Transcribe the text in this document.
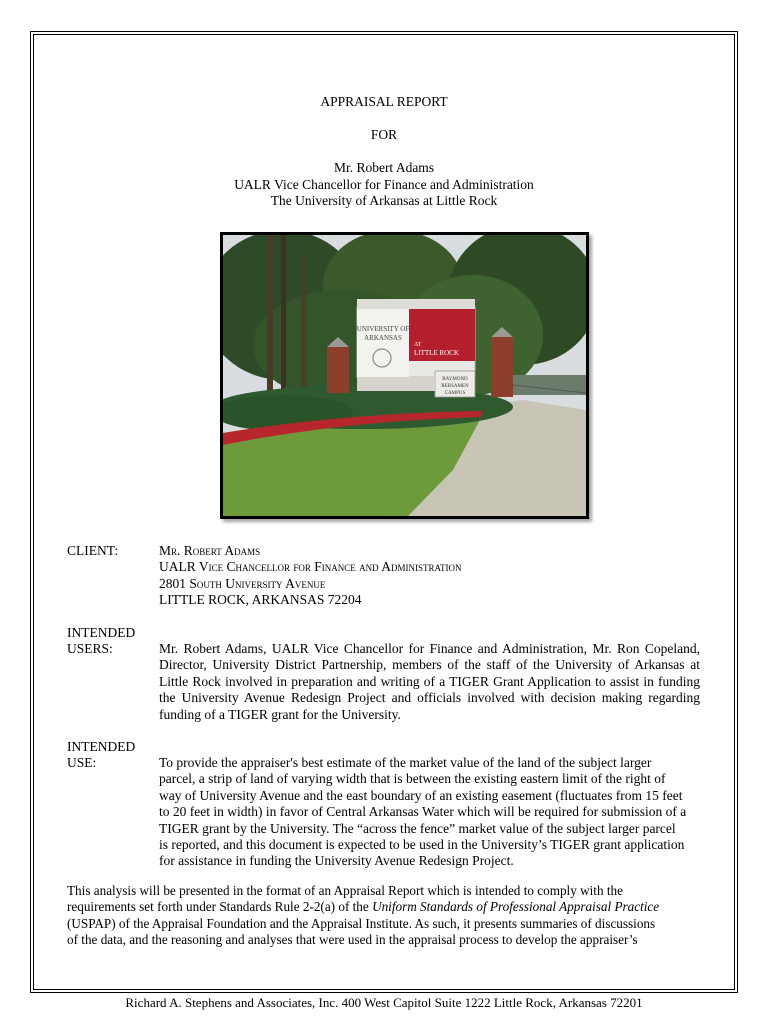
APPRAISAL REPORT
FOR
Mr. Robert Adams
UALR Vice Chancellor for Finance and Administration
The University of Arkansas at Little Rock
UNIVERSITY OF
ARKANSAS
AT
LITTLE ROCK
RAYMOND
REBSAMEN
CAMPUS
CLIENT:	Mr. Robert Adams
UALR Vice Chancellor for Finance and Administration
2801 South University Avenue
LITTLE ROCK, ARKANSAS 72204
INTENDED
USERS:	Mr. Robert Adams, UALR Vice Chancellor for Finance and Administration, Mr. Ron Copeland, Director, University District Partnership, members of the staff of the University of Arkansas at Little Rock involved in preparation and writing of a TIGER Grant Application to assist in funding the University Avenue Redesign Project and officials involved with decision making regarding funding of a TIGER grant for the University.
INTENDED
USE:	To provide the appraiser's best estimate of the market value of the land of the subject larger
parcel, a strip of land of varying width that is between the existing eastern limit of the right of
way of University Avenue and the east boundary of an existing easement (fluctuates from 15 feet
to 20 feet in width) in favor of Central Arkansas Water which will be required for submission of a
TIGER grant by the University. The “across the fence” market value of the subject larger parcel
is reported, and this document is expected to be used in the University’s TIGER grant application
for assistance in funding the University Avenue Redesign Project.
This analysis will be presented in the format of an Appraisal Report which is intended to comply with the
requirements set forth under Standards Rule 2-2(a) of the Uniform Standards of Professional Appraisal Practice
(USPAP) of the Appraisal Foundation and the Appraisal Institute. As such, it presents summaries of discussions
of the data, and the reasoning and analyses that were used in the appraisal process to develop the appraiser’s
Richard A. Stephens and Associates, Inc. 400 West Capitol Suite 1222 Little Rock, Arkansas 72201
